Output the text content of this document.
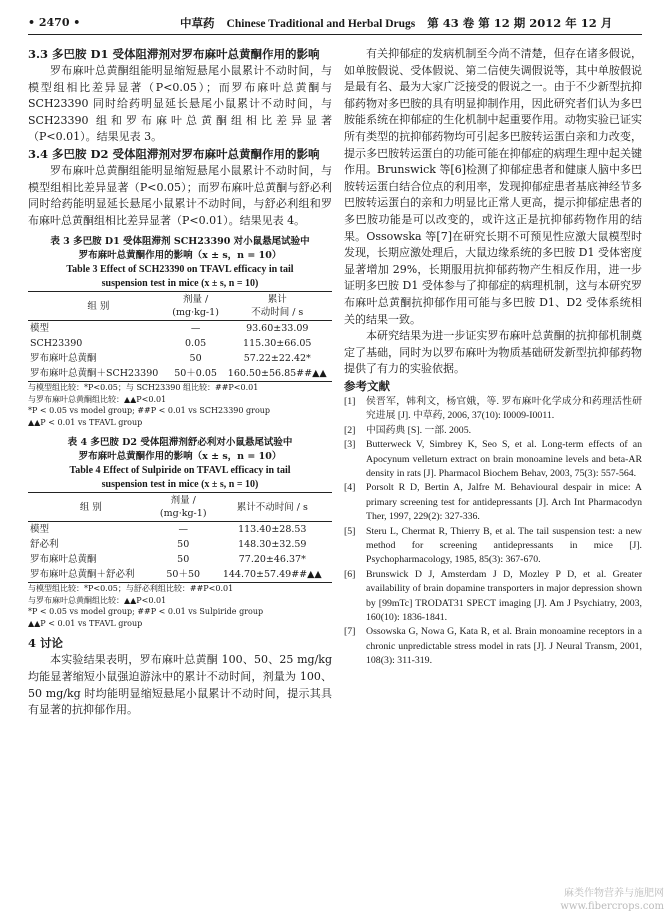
• 2470 •	中草药 Chinese Traditional and Herbal Drugs 第 43 卷 第 12 期 2012 年 12 月
3.3 多巴胺 D1 受体阻滞剂对罗布麻叶总黄酮作用的影响

罗布麻叶总黄酮组能明显缩短悬尾小鼠累计不动时间，与模型组相比差异显著（P<0.05）；而罗布麻叶总黄酮与 SCH23390 同时给药明显延长悬尾小鼠累计不动时间，与 SCH23390 组和罗布麻叶总黄酮组相比差异显著（P<0.01）。结果见表 3。

3.4 多巴胺 D2 受体阻滞剂对罗布麻叶总黄酮作用的影响

罗布麻叶总黄酮组能明显缩短悬尾小鼠累计不动时间，与模型组相比差异显著（P<0.05）；而罗布麻叶总黄酮与舒必利同时给药能明显延长悬尾小鼠累计不动时间，与舒必利组和罗布麻叶总黄酮组相比差异显著（P<0.01）。结果见表 4。

表 3 多巴胺 D1 受体阻滞剂 SCH23390 对小鼠悬尾试验中
罗布麻叶总黄酮作用的影响（x ± s，n = 10）
Table 3 Effect of SCH23390 on TFAVL efficacy in tail
suspension test in mice (x ± s, n = 10)
组 别	剂量 /
(mg·kg-1)	累计
不动时间 / s
模型	—	93.60±33.09
SCH23390	0.05	115.30±66.05
罗布麻叶总黄酮	50	57.22±22.42*
罗布麻叶总黄酮＋SCH23390	50＋0.05	160.50±56.85##▲▲
与模型组比较：*P<0.05；与 SCH23390 组比较：##P<0.01
与罗布麻叶总黄酮组比较：▲▲P<0.01
*P < 0.05 vs model group; ##P < 0.01 vs SCH23390 group
▲▲P < 0.01 vs TFAVL group
表 4 多巴胺 D2 受体阻滞剂舒必利对小鼠悬尾试验中
罗布麻叶总黄酮作用的影响（x ± s，n = 10）
Table 4 Effect of Sulpiride on TFAVL efficacy in tail
suspension test in mice (x ± s, n = 10)
组 别	剂量 /
(mg·kg-1)	累计不动时间 / s
模型	—	113.40±28.53
舒必利	50	148.30±32.59
罗布麻叶总黄酮	50	77.20±46.37*
罗布麻叶总黄酮＋舒必利	50＋50	144.70±57.49##▲▲
与模型组比较：*P<0.05；与舒必利组比较：##P<0.01
与罗布麻叶总黄酮组比较：▲▲P<0.01
*P < 0.05 vs model group; ##P < 0.01 vs Sulpiride group
▲▲P < 0.01 vs TFAVL group
4 讨论

本实验结果表明，罗布麻叶总黄酮 100、50、25 mg/kg 均能显著缩短小鼠强迫游泳中的累计不动时间，剂量为 100、50 mg/kg 时均能明显缩短悬尾小鼠累计不动时间，提示其具有显著的抗抑郁作用。

有关抑郁症的发病机制至今尚不清楚，但存在诸多假说，如单胺假说、受体假说、第二信使失调假说等，其中单胺假说是最有名、最为大家广泛接受的假说之一。由于不少新型抗抑郁药物对多巴胺的具有明显抑制作用，因此研究者们认为多巴胺能系统在抑郁症的生化机制中起重要作用。动物实验已证实所有类型的抗抑郁药物均可引起多巴胺转运蛋白亲和力改变，提示多巴胺转运蛋白的功能可能在抑郁症的病理生理中起关键作用。Brunswick 等[6]检测了抑郁症患者和健康人脑中多巴胺转运蛋白结合位点的利用率，发现抑郁症患者基底神经节多巴胺转运蛋白的亲和力明显比正常人更高，提示抑郁症患者的多巴胺功能是可以改变的，或许这正是抗抑郁药物作用的结果。Ossowska 等[7]在研究长期不可预见性应激大鼠模型时发现，长期应激处理后，大鼠边缘系统的多巴胺 D1 受体密度显著增加 29%，长期服用抗抑郁药物产生相反作用，进一步证明多巴胺 D1 受体参与了抑郁症的病理机制，这与本研究罗布麻叶总黄酮抗抑郁作用可能与多巴胺 D1、D2 受体系统相关的结果一致。

本研究结果为进一步证实罗布麻叶总黄酮的抗抑郁机制奠定了基础，同时为以罗布麻叶为物质基础研发新型抗抑郁药物提供了有力的实验依据。

参考文献
[1]	侯晋军，韩利文，杨官娥，等. 罗布麻叶化学成分和药理活性研究进展 [J]. 中草药, 2006, 37(10): I0009-I0011.
[2]	中国药典 [S]. 一部. 2005.
[3]	Butterweck V, Simbrey K, Seo S, et al. Long-term effects of an Apocynum velleturn extract on brain monoamine levels and beta-AR density in rats [J]. Pharmacol Biochem Behav, 2003, 75(3): 557-564.
[4]	Porsolt R D, Bertin A, Jalfre M. Behavioural despair in mice: A primary screening test for antidepressants [J]. Arch Int Pharmacodyn Ther, 1997, 229(2): 327-336.
[5]	Steru L, Chermat R, Thierry B, et al. The tail suspension test: a new method for screening antidepressants in mice [J]. Psychopharmacology, 1985, 85(3): 367-670.
[6]	Brunswick D J, Amsterdam J D, Mozley P D, et al. Greater availability of brain dopamine transporters in major depression shown by [99mTc] TRODAT31 SPECT imaging [J]. Am J Psychiatry, 2003, 160(10): 1836-1841.
[7]	Ossowska G, Nowa G, Kata R, et al. Brain monoamine receptors in a chronic unpredictable stress model in rats [J]. J Neural Transm, 2001, 108(3): 311-319.
麻类作物营养与施肥网
www.fibercrops.com
